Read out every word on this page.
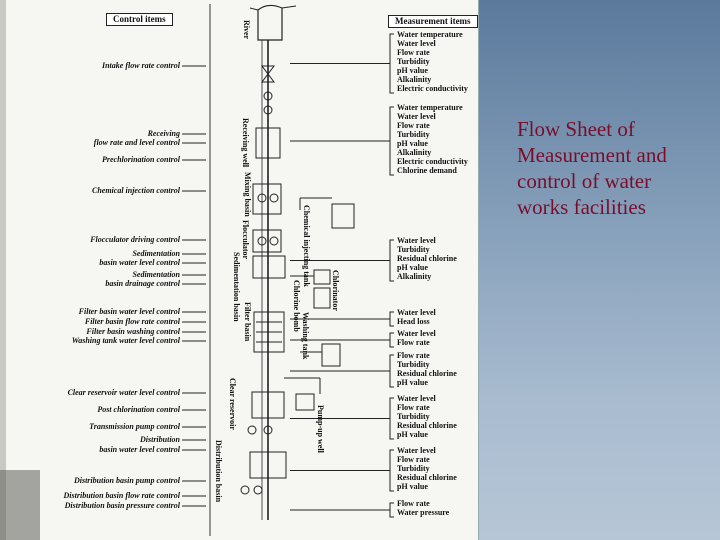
Control items	Measurement items
Intake flow rate control
Receiving
flow rate and level control
Prechlorination control
Chemical injection control
Flocculator driving control
Sedimentation
basin water level control
Sedimentation
basin drainage control
Filter basin water level control
Filter basin flow rate control
Filter basin washing control
Washing tank water level control
Clear reservoir water level control
Post chlorination control
Transmission pump control
Distribution
basin water level control
Distribution basin pump control
Distribution basin flow rate control
Distribution basin pressure control
Water temperature
Water level
Flow rate
Turbidity
pH value
Alkalinity
Electric conductivity
Water temperature
Water level
Flow rate
Turbidity
pH value
Alkalinity
Electric conductivity
Chlorine demand
Water level
Turbidity
Residual chlorine
pH value
Alkalinity
Water level
Head loss
Water level
Flow rate
Flow rate
Turbidity
Residual chlorine
pH value
Water level
Flow rate
Turbidity
Residual chlorine
pH value
Water level
Flow rate
Turbidity
Residual chlorine
pH value
Flow rate
Water pressure
River
Receiving well
Mixing basin
Flocculator
Sedimentation basin
Filter basin
Clear reservoir
Distribution basin
Chemical injecting tank
Chlorinator
Chlorine bomb
Washing tank
Pump-up well
Flow Sheet of
Measurement and
control of water
works facilities
